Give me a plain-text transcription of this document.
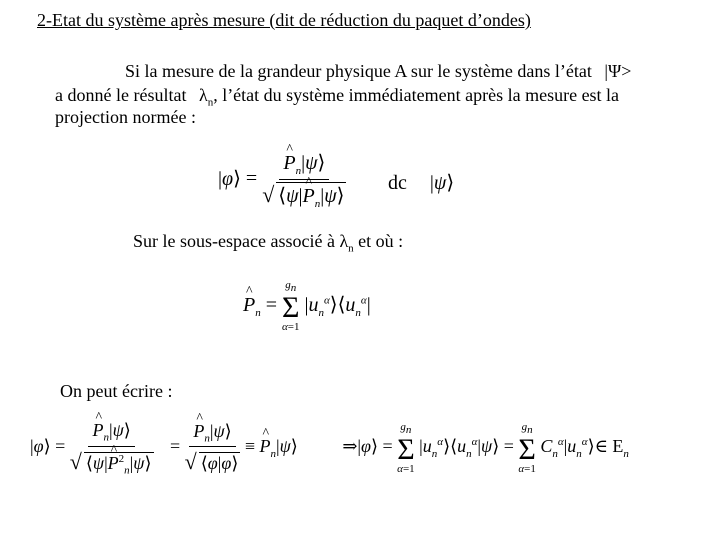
2-Etat du système après mesure (dit de réduction du paquet d’ondes)
Si la mesure de la grandeur physique A sur le système dans l’état |Ψ>
a donné le résultat $\lambda_n$, l’état du système immédiatement après la mesure est la
projection normée :
|φ⟩ = ^ $\frac{P_n|\psi⟩}{√ ⟨\psi|\^{} P_n|\psi⟩}$ dc |ψ⟩
Sur le sous-espace associé à $\lambda_n$ et où :
^ $P_n$ =
$g_n$
Σ
α=1
$|u_n^\alpha⟩⟨u_n^\alpha|$
On peut écrire :
|φ⟩ = ^ $\frac{P_n|\psi⟩}{√ ⟨\psi|\^{} P^2_n|\psi⟩}$ = ^ $\frac{P_n|\psi⟩}{√ ⟨\varphi|\varphi⟩}$ ≡ ^ $P_n|\psi⟩$ ⇒|φ⟩ =
$g_n$
Σ
α=1
$|u_n^\alpha⟩⟨u_n^\alpha|\psi⟩$ =
$g_n$
Σ
α=1
$C_n^\alpha|u_n^\alpha⟩\in$ $E_n$
